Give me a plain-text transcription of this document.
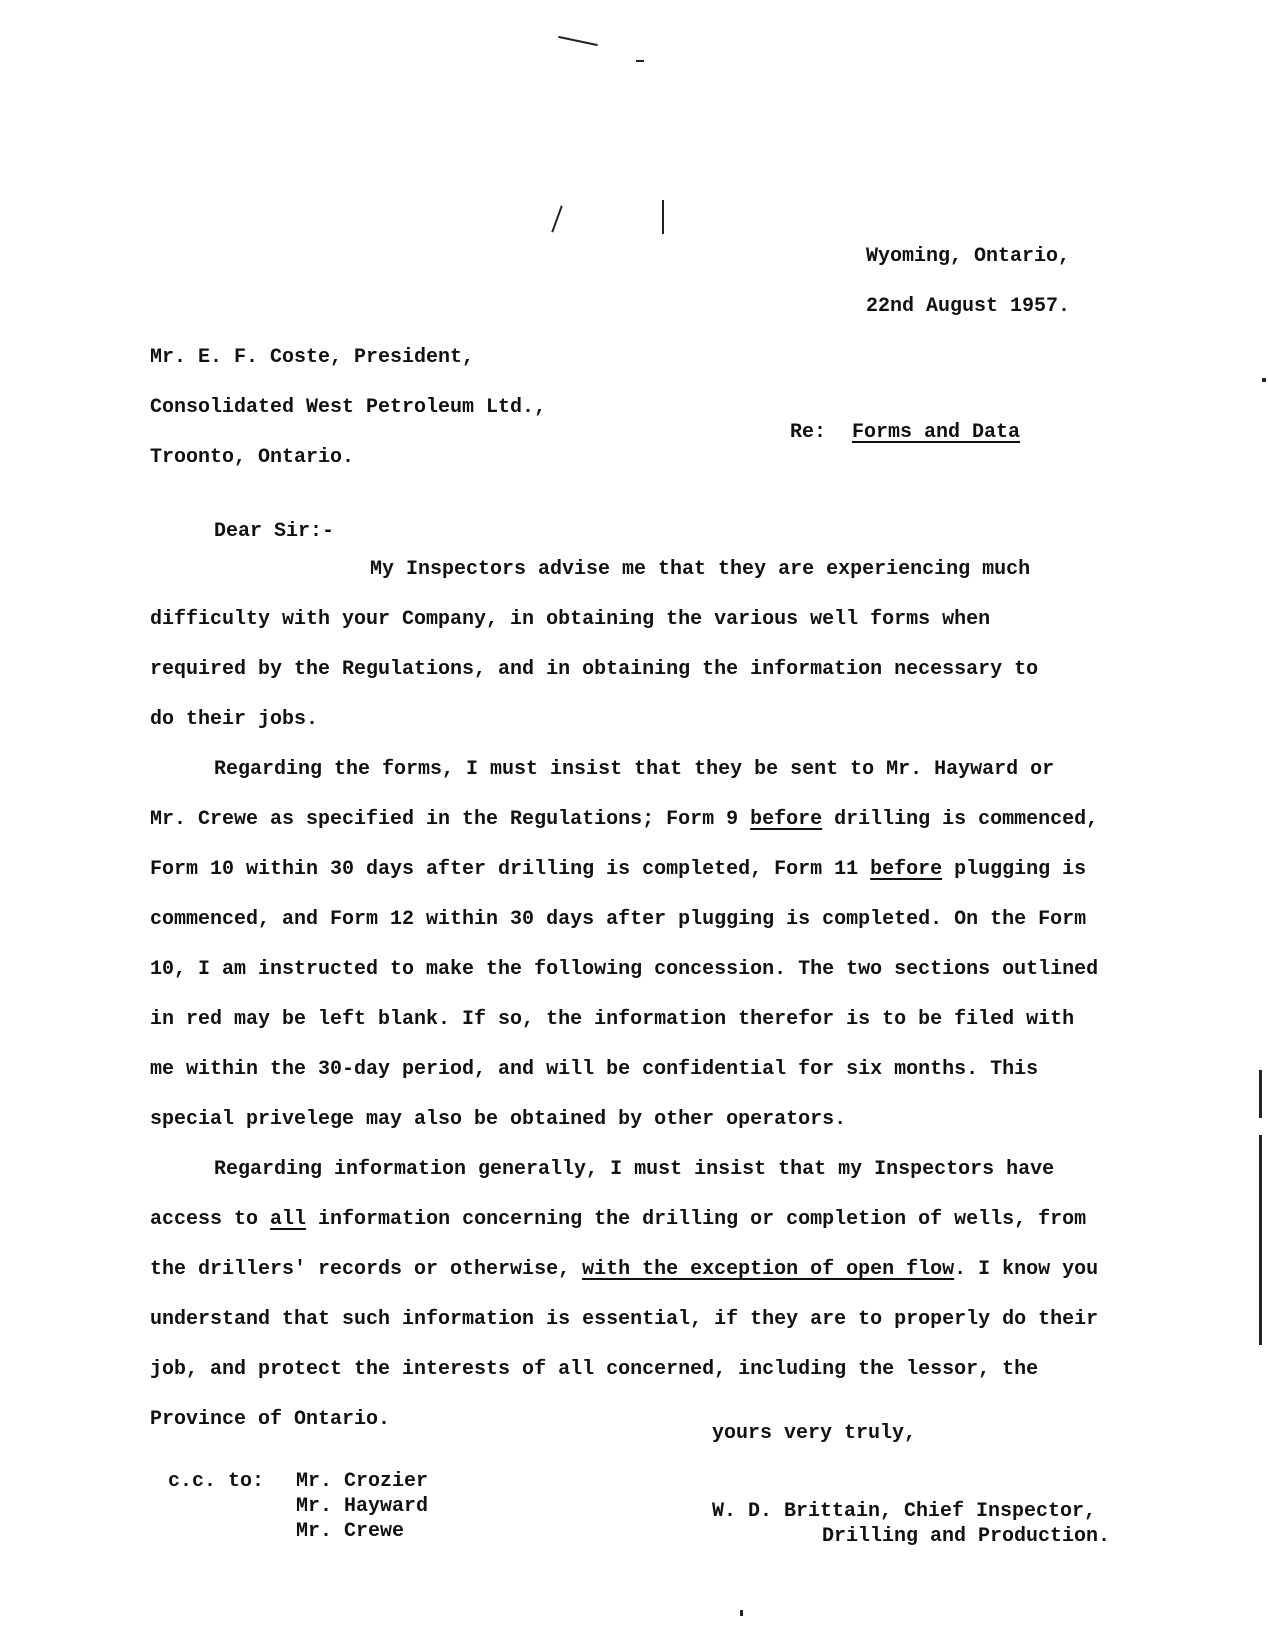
Wyoming, Ontario,
22nd August 1957.
Mr. E. F. Coste, President,
Consolidated West Petroleum Ltd.,
Troonto, Ontario.
Re: Forms and Data
Dear Sir:-
My Inspectors advise me that they are experiencing much
difficulty with your Company, in obtaining the various well forms when
required by the Regulations, and in obtaining the information necessary to
do their jobs.
Regarding the forms, I must insist that they be sent to Mr. Hayward or
Mr. Crewe as specified in the Regulations; Form 9 before drilling is commenced,
Form 10 within 30 days after drilling is completed, Form 11 before plugging is
commenced, and Form 12 within 30 days after plugging is completed. On the Form
10, I am instructed to make the following concession. The two sections outlined
in red may be left blank. If so, the information therefor is to be filed with
me within the 30-day period, and will be confidential for six months. This
special privelege may also be obtained by other operators.
Regarding information generally, I must insist that my Inspectors have
access to all information concerning the drilling or completion of wells, from
the drillers' records or otherwise, with the exception of open flow. I know you
understand that such information is essential, if they are to properly do their
job, and protect the interests of all concerned, including the lessor, the
Province of Ontario.
yours very truly,
c.c. to: Mr. Crozier
Mr. Hayward
Mr. Crewe
W. D. Brittain, Chief Inspector,
Drilling and Production.
